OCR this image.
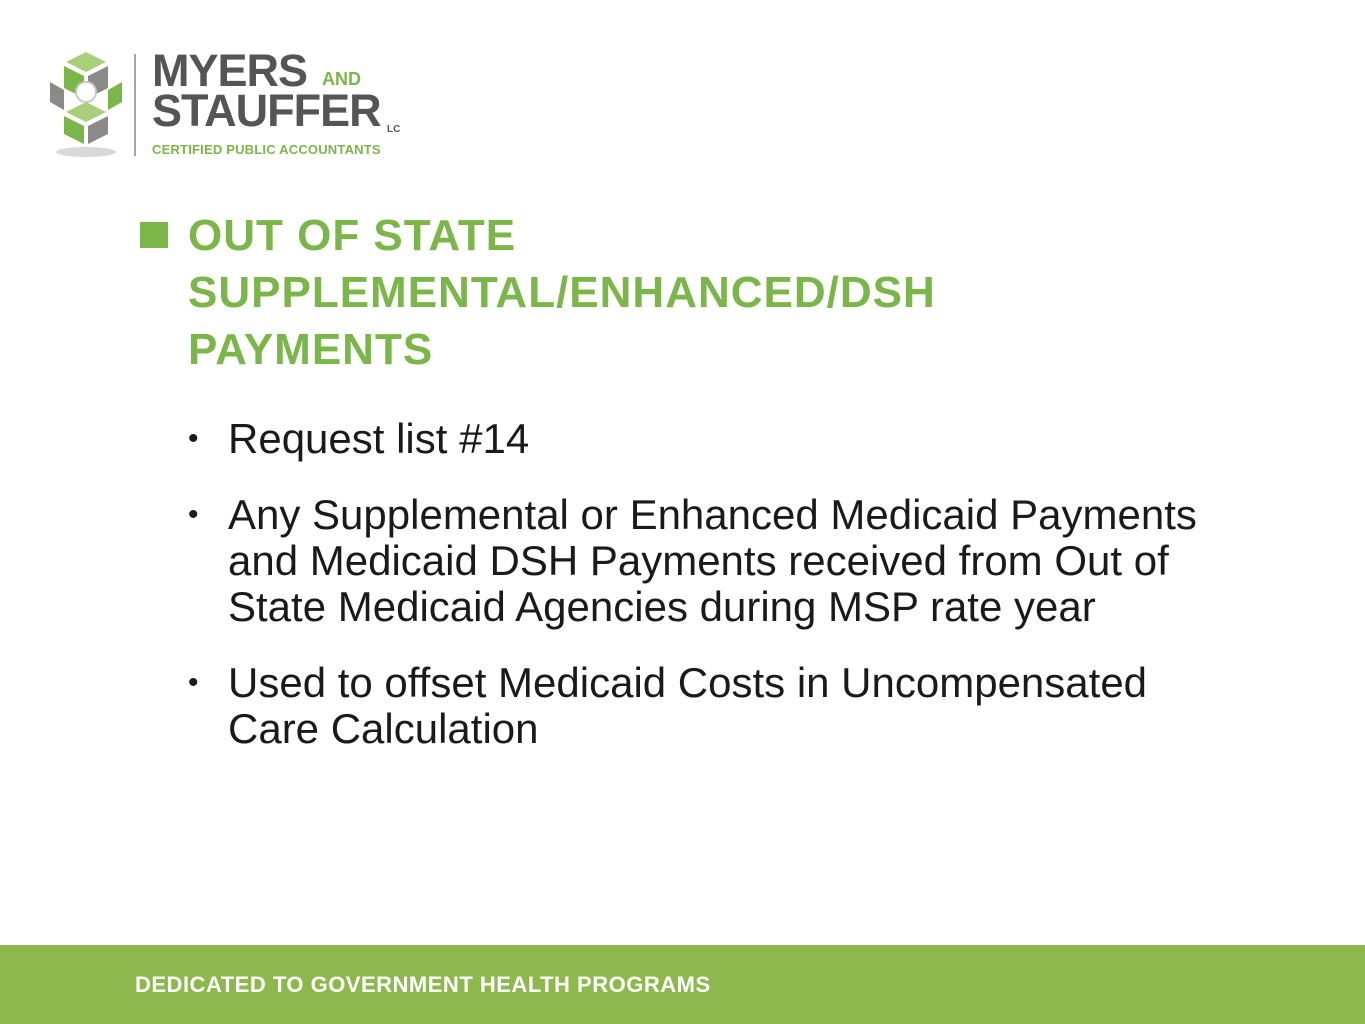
MYERS AND
STAUFFER LC
CERTIFIED PUBLIC ACCOUNTANTS
OUT OF STATE
SUPPLEMENTAL/ENHANCED/DSH
PAYMENTS
• Request list #14
• Any Supplemental or Enhanced Medicaid Payments and Medicaid DSH Payments received from Out of State Medicaid Agencies during MSP rate year
• Used to offset Medicaid Costs in Uncompensated Care Calculation
DEDICATED TO GOVERNMENT HEALTH PROGRAMS
